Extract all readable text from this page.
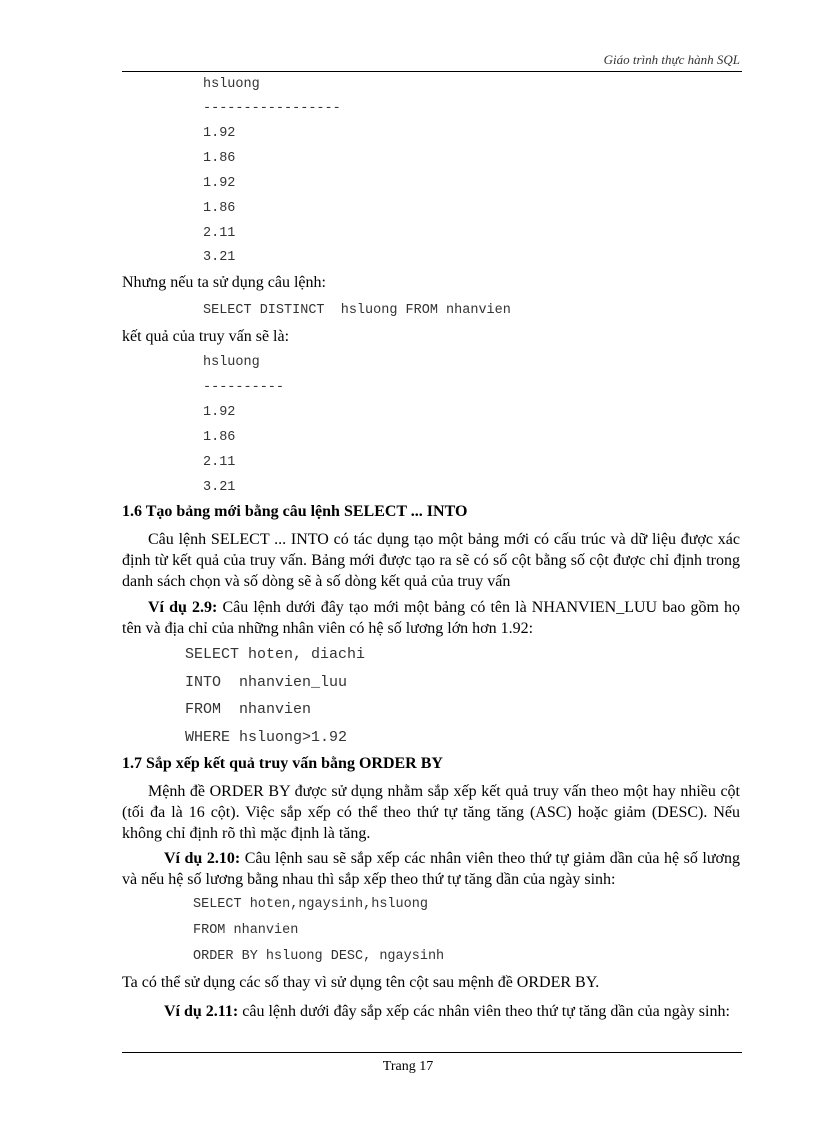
Giáo trình thực hành SQL
hsluong
-----------------
1.92
1.86
1.92
1.86
2.11
3.21
Nhưng nếu ta sử dụng câu lệnh:
SELECT DISTINCT  hsluong FROM nhanvien
kết quả của truy vấn sẽ là:
hsluong
----------
1.92
1.86
2.11
3.21
1.6 Tạo bảng mới bằng câu lệnh SELECT ... INTO
Câu lệnh SELECT ... INTO có tác dụng tạo một bảng mới có cấu trúc và dữ liệu được xác định từ kết quả của truy vấn. Bảng mới được tạo ra sẽ có số cột bằng số cột được chỉ định trong danh sách chọn và số dòng sẽ à số dòng kết quả của truy vấn
Ví dụ 2.9: Câu lệnh dưới đây tạo mới một bảng có tên là NHANVIEN_LUU bao gồm họ tên và địa chỉ của những nhân viên có hệ số lương lớn hơn 1.92:
SELECT hoten, diachi
INTO  nhanvien_luu
FROM  nhanvien
WHERE hsluong>1.92
1.7 Sắp xếp kết quả truy vấn bằng ORDER BY
Mệnh đề ORDER BY được sử dụng nhằm sắp xếp kết quả truy vấn theo một hay nhiều cột (tối đa là 16 cột). Việc sắp xếp có thể theo thứ tự tăng tăng (ASC) hoặc giảm (DESC). Nếu không chỉ định rõ thì mặc định là tăng.
Ví dụ 2.10: Câu lệnh sau sẽ sắp xếp các nhân viên theo thứ tự giảm dần của hệ số lương và nếu hệ số lương bằng nhau thì sắp xếp theo thứ tự tăng dần của ngày sinh:
SELECT hoten,ngaysinh,hsluong
FROM nhanvien
ORDER BY hsluong DESC, ngaysinh
Ta có thể sử dụng các số thay vì sử dụng tên cột sau mệnh đề ORDER BY.
Ví dụ 2.11: câu lệnh dưới đây sắp xếp các nhân viên theo thứ tự tăng dần của ngày sinh:
Trang 17
